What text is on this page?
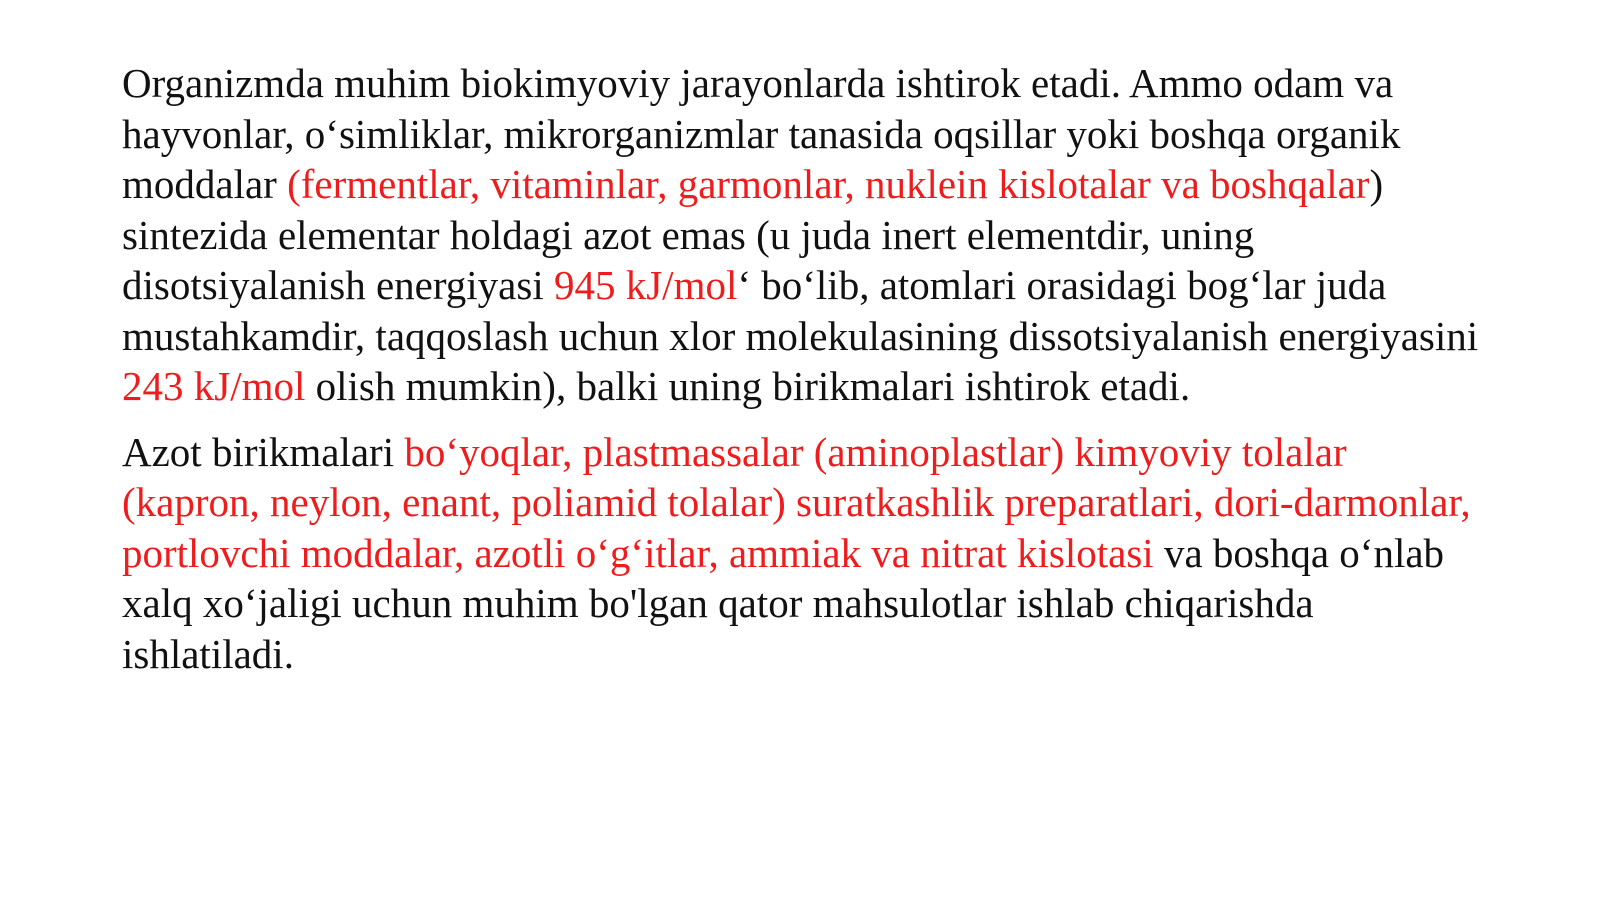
Organizmda muhim biokimyoviy jarayonlarda ishtirok etadi. Ammo odam va hayvonlar, o‘simliklar, mikrorganizmlar tanasida oqsillar yoki boshqa organik moddalar (fermentlar, vitaminlar, garmonlar, nuklein kislotalar va boshqalar) sintezida elementar holdagi azot emas (u juda inert elementdir, uning disotsiyalanish energiyasi 945 kJ/mol‘ bo‘lib, atomlari orasidagi bog‘lar juda mustahkamdir, taqqoslash uchun xlor molekulasining dissotsiyalanish energiyasini 243 kJ/mol olish mumkin), balki uning birikmalari ishtirok etadi.

Azot birikmalari bo‘yoqlar, plastmassalar (aminoplastlar) kimyoviy tolalar (kapron, neylon, enant, poliamid tolalar) suratkashlik preparatlari, dori-darmonlar, portlovchi moddalar, azotli o‘g‘itlar, ammiak va nitrat kislotasi va boshqa o‘nlab xalq xo‘jaligi uchun muhim bo'lgan qator mahsulotlar ishlab chiqarishda ishlatiladi.
